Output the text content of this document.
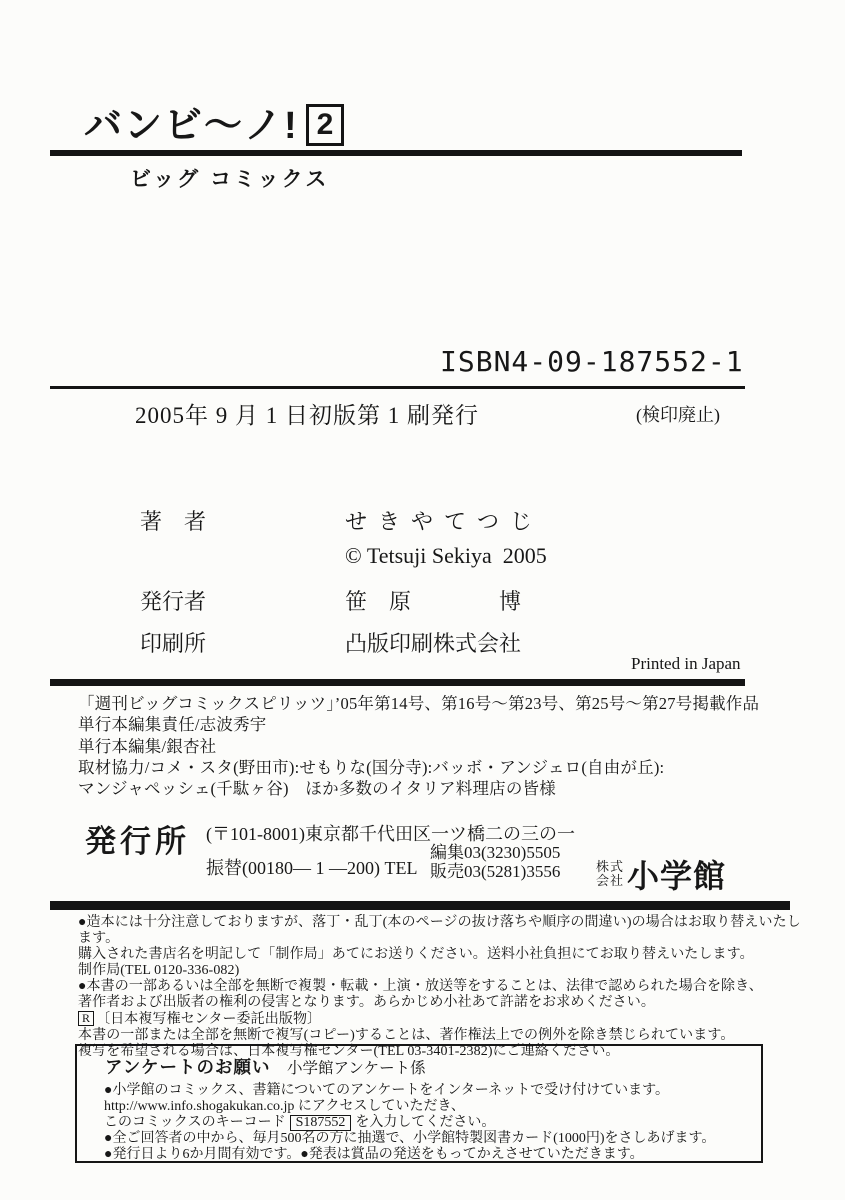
バンビ〜ノ! 2
ビッグ コミックス
ISBN4-09-187552-1
2005年 9 月 1 日初版第 1 刷発行	(検印廃止)
著　者	せきやてつじ
© Tetsuji Sekiya  2005
発行者	笹　原　　　　博
印刷所	凸版印刷株式会社
Printed in Japan
「週刊ビッグコミックスピリッツ」’05年第14号、第16号〜第23号、第25号〜第27号掲載作品
単行本編集責任/志波秀宇
単行本編集/銀杏社
取材協力/コメ・スタ(野田市):せもりな(国分寺):バッボ・アンジェロ(自由が丘):
マンジャペッシェ(千駄ヶ谷)　ほか多数のイタリア料理店の皆様
発行所 (〒101-8001)東京都千代田区一ツ橋二の三の一
振替(00180— 1 —200) TEL
編集03(3230)5505
販売03(5281)3556	株式
会社 小学館
●造本には十分注意しておりますが、落丁・乱丁(本のページの抜け落ちや順序の間違い)の場合はお取り替えいたします。
購入された書店名を明記して「制作局」あてにお送りください。送料小社負担にてお取り替えいたします。
制作局(TEL 0120-336-082)
●本書の一部あるいは全部を無断で複製・転載・上演・放送等をすることは、法律で認められた場合を除き、
著作者および出版者の権利の侵害となります。あらかじめ小社あて許諾をお求めください。
R 〔日本複写権センター委託出版物〕
本書の一部または全部を無断で複写(コピー)することは、著作権法上での例外を除き禁じられています。
複写を希望される場合は、日本複写権センター(TEL 03-3401-2382)にご連絡ください。
アンケートのお願い 小学館アンケート係
●小学館のコミックス、書籍についてのアンケートをインターネットで受け付けています。
http://www.info.shogakukan.co.jp にアクセスしていただき、
このコミックスのキーコード S187552 を入力してください。
●全ご回答者の中から、毎月500名の方に抽選で、小学館特製図書カード(1000円)をさしあげます。
●発行日より6か月間有効です。●発表は賞品の発送をもってかえさせていただきます。
